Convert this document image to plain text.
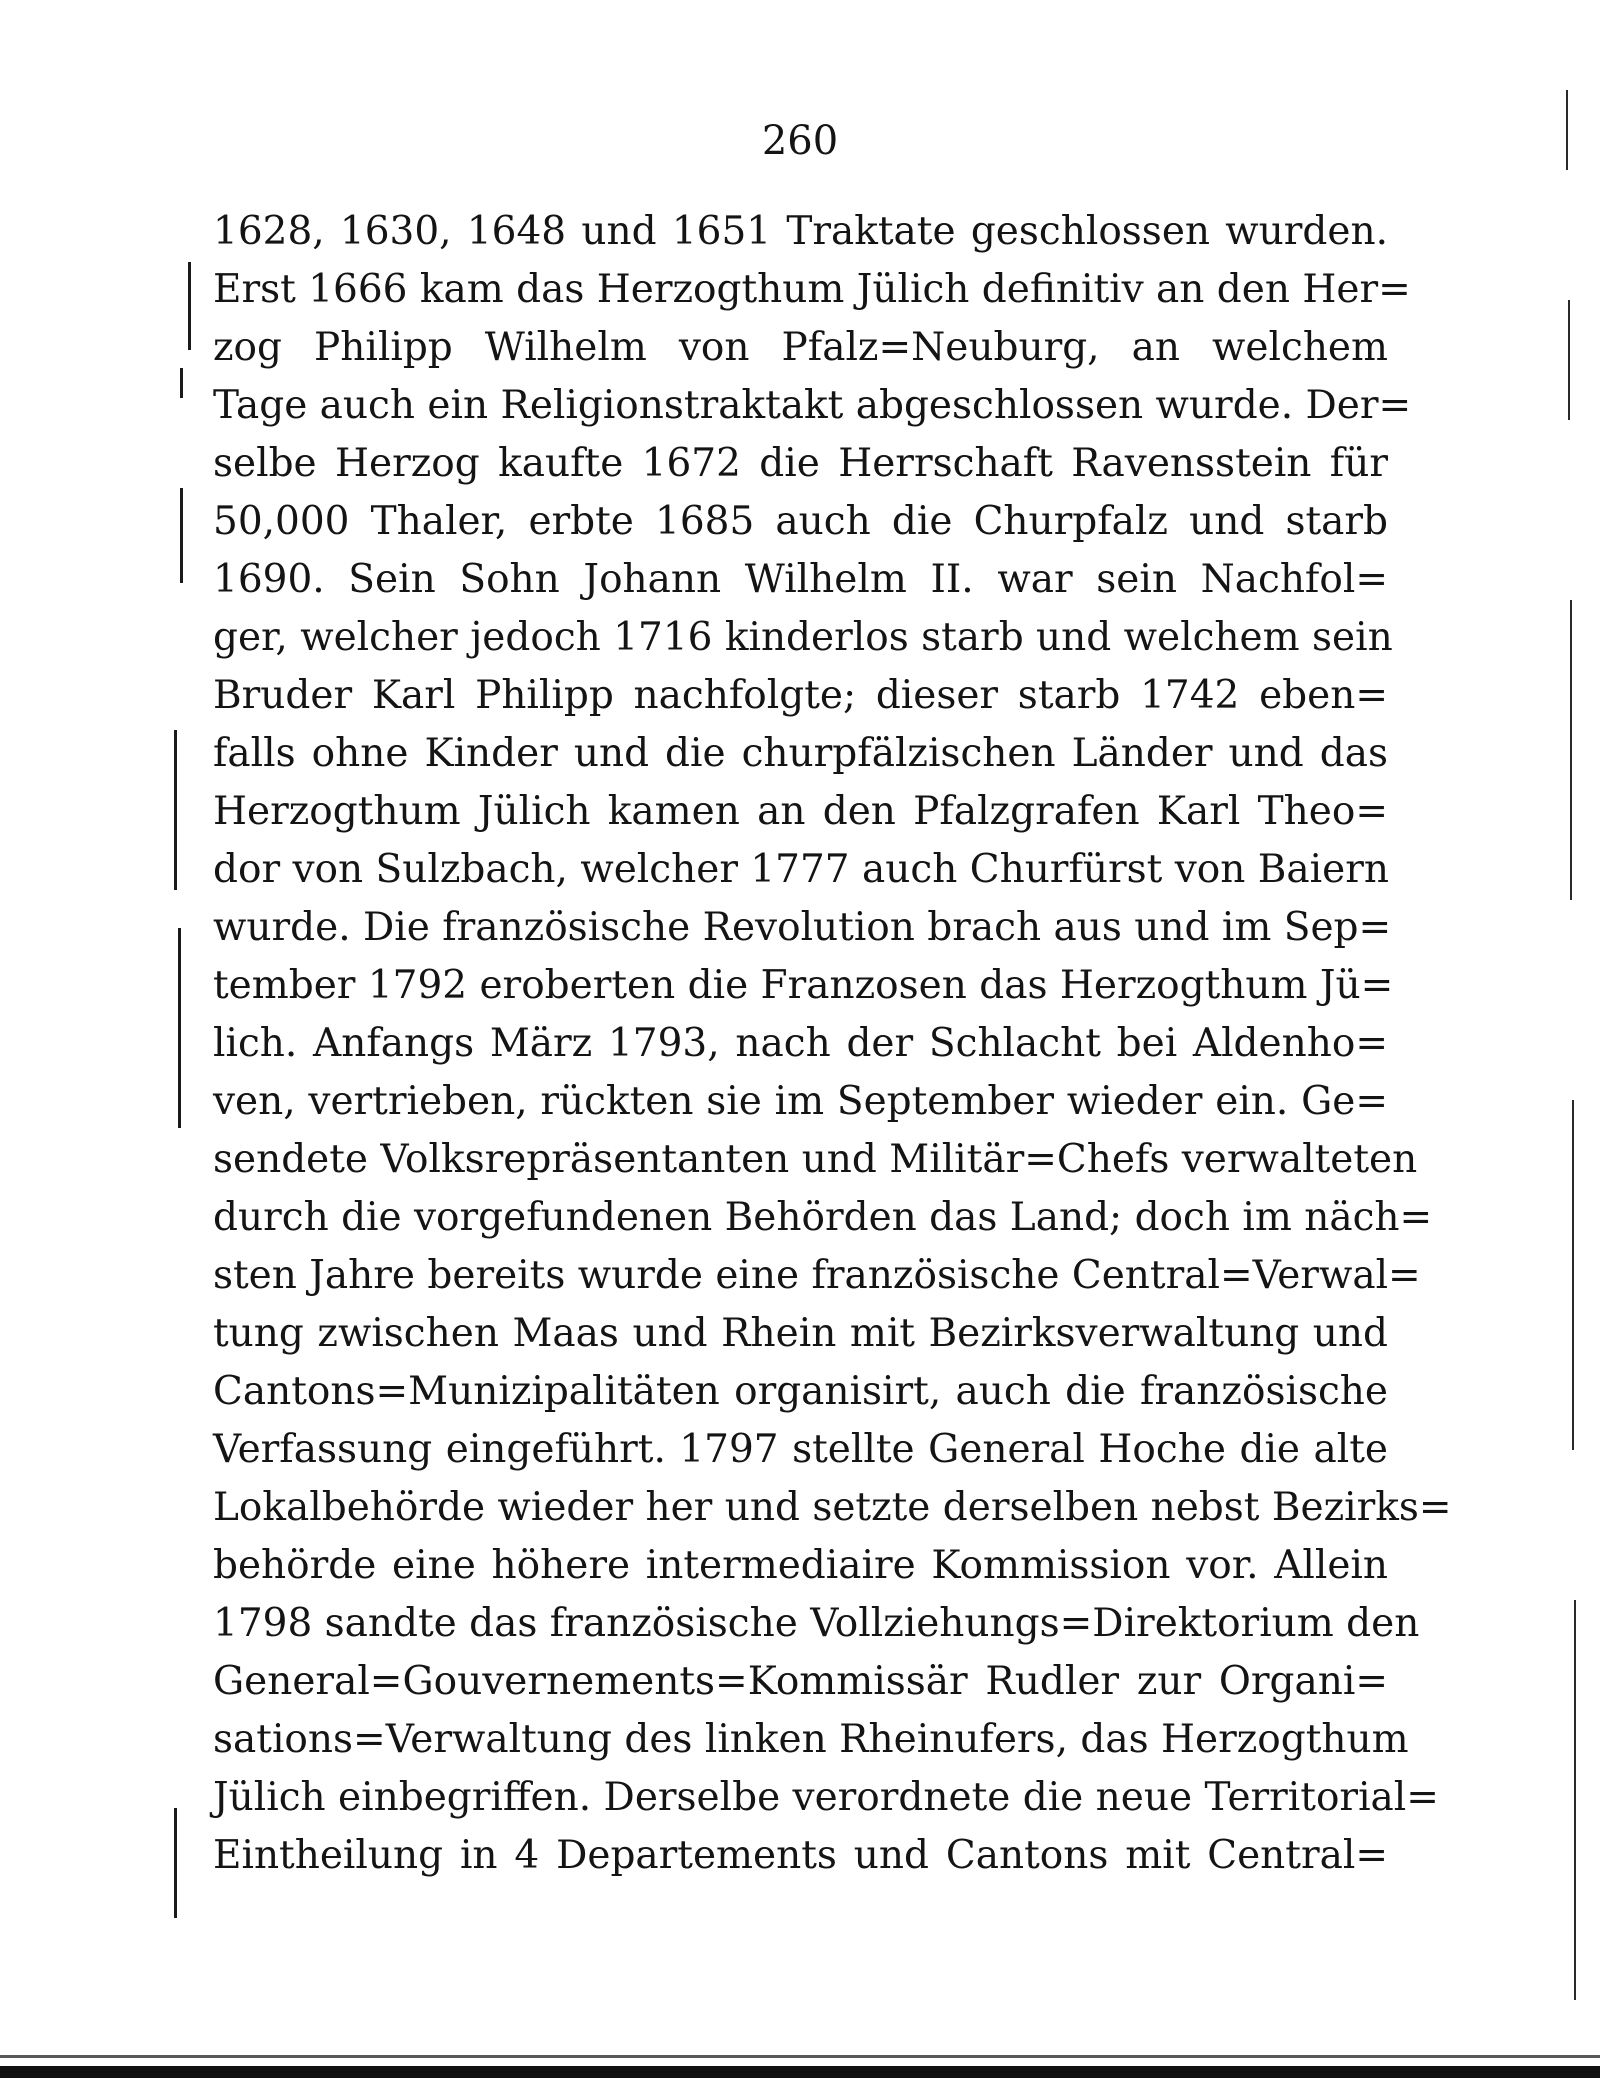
260
1628, 1630, 1648 und 1651 Traktate geschlossen wurden.
Erst 1666 kam das Herzogthum Jülich definitiv an den Her=
zog Philipp Wilhelm von Pfalz=Neuburg, an welchem
Tage auch ein Religionstraktakt abgeschlossen wurde. Der=
selbe Herzog kaufte 1672 die Herrschaft Ravensstein für
50,000 Thaler, erbte 1685 auch die Churpfalz und starb
1690. Sein Sohn Johann Wilhelm II. war sein Nachfol=
ger, welcher jedoch 1716 kinderlos starb und welchem sein
Bruder Karl Philipp nachfolgte; dieser starb 1742 eben=
falls ohne Kinder und die churpfälzischen Länder und das
Herzogthum Jülich kamen an den Pfalzgrafen Karl Theo=
dor von Sulzbach, welcher 1777 auch Churfürst von Baiern
wurde. Die französische Revolution brach aus und im Sep=
tember 1792 eroberten die Franzosen das Herzogthum Jü=
lich. Anfangs März 1793, nach der Schlacht bei Aldenho=
ven, vertrieben, rückten sie im September wieder ein. Ge=
sendete Volksrepräsentanten und Militär=Chefs verwalteten
durch die vorgefundenen Behörden das Land; doch im näch=
sten Jahre bereits wurde eine französische Central=Verwal=
tung zwischen Maas und Rhein mit Bezirksverwaltung und
Cantons=Munizipalitäten organisirt, auch die französische
Verfassung eingeführt. 1797 stellte General Hoche die alte
Lokalbehörde wieder her und setzte derselben nebst Bezirks=
behörde eine höhere intermediaire Kommission vor. Allein
1798 sandte das französische Vollziehungs=Direktorium den
General=Gouvernements=Kommissär Rudler zur Organi=
sations=Verwaltung des linken Rheinufers, das Herzogthum
Jülich einbegriffen. Derselbe verordnete die neue Territorial=
Eintheilung in 4 Departements und Cantons mit Central=
